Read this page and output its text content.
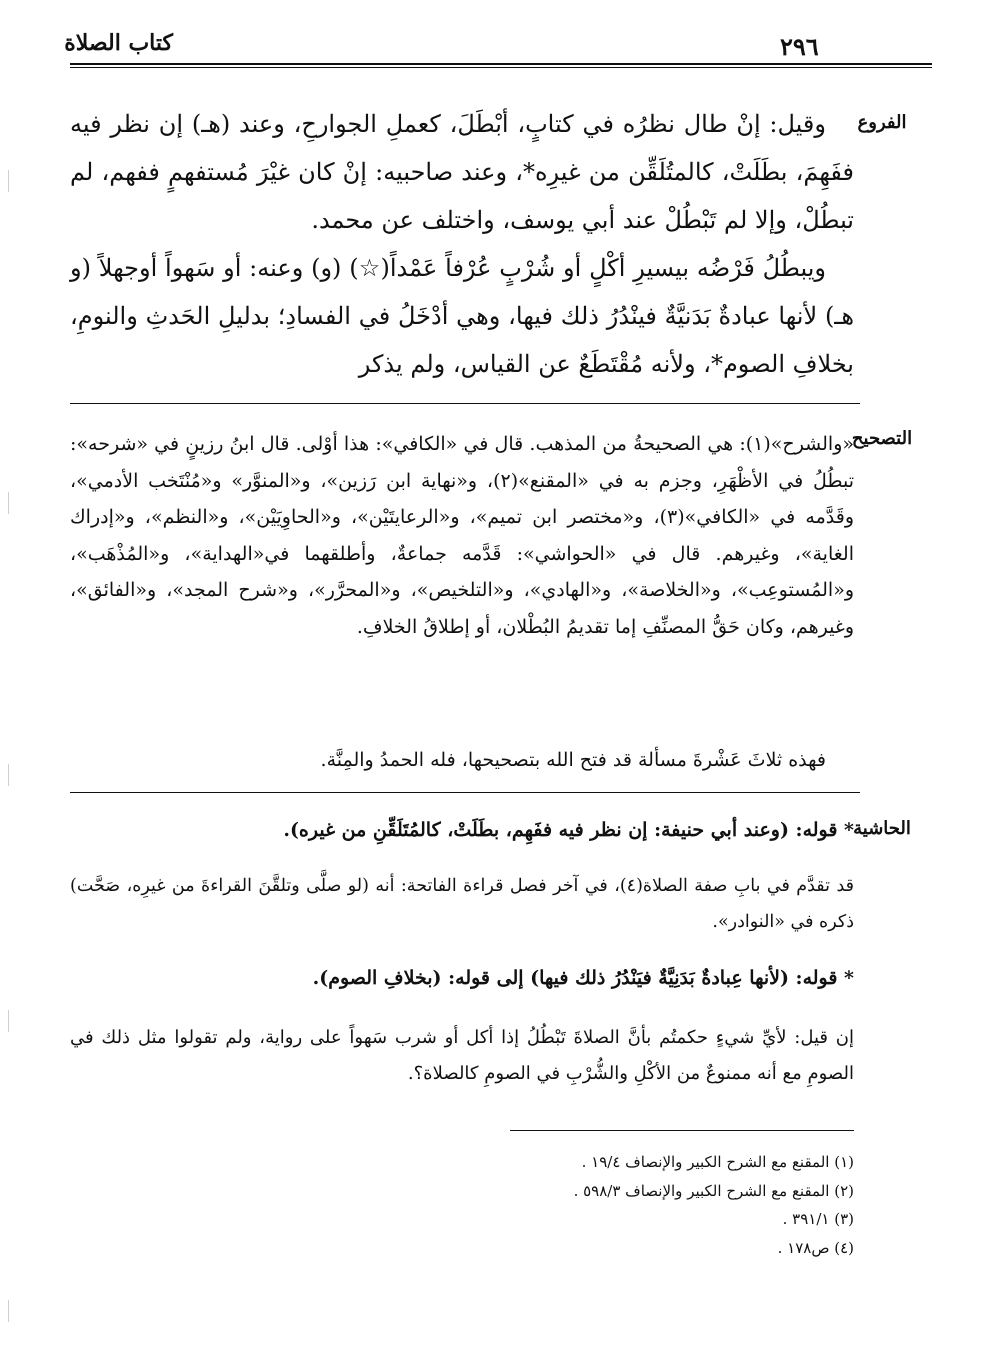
كتاب الصلاة	٢٩٦
الفروع
وقيل: إنْ طال نظرُه في كتابٍ، أبْطَلَ، كعملِ الجوارحِ، وعند (هـ) إن نظر فيه ففَهِمَ، بطَلَتْ، كالمتُلَقِّن من غيرِه*، وعند صاحبيه: إنْ كان غيْرَ مُستفهمٍ ففهم، لم تبطُلْ، وإلا لم تَبْطُلْ عند أبي يوسف، واختلف عن محمد.
ويبطُلُ فَرْضُه بيسيرِ أكْلٍ أو شُرْبٍ عُرْفاً عَمْداً(☆) (و) وعنه: أو سَهواً أوجهلاً (و هـ) لأنها عبادةٌ بَدَنيَّةٌ فينْدُرُ ذلك فيها، وهي أدْخَلُ في الفسادِ؛ بدليلِ الحَدثِ والنومِ، بخلافِ الصوم*، ولأنه مُقْتَطَعٌ عن القياس، ولم يذكر
التصحيح
«والشرح»(١): هي الصحيحةُ من المذهب. قال في «الكافي»: هذا أوْلى. قال ابنُ رزينٍ في «شرحه»: تبطُلُ في الأظْهَرِ، وجزم به في «المقنع»(٢)، و«نهاية ابن رَزين»، و«المنوَّر» و«مُنْتَخب الأدمي»، وقَدَّمه في «الكافي»(٣)، و«مختصر ابن تميم»، و«الرعايتَيْن»، و«الحاوِيَيْن»، و«النظم»، و«إدراك الغاية»، وغيرهم. قال في «الحواشي»: قَدَّمه جماعةٌ، وأطلقهما في«الهداية»، و«المُذْهَب»، و«المُستوعِب»، و«الخلاصة»، و«الهادي»، و«التلخيص»، و«المحرَّر»، و«شرح المجد»، و«الفائق»، وغيرهم، وكان حَقُّ المصنِّفِ إما تقديمُ البُطْلان، أو إطلاقُ الخلافِ.
فهذه ثلاثَ عَشْرةَ مسألة قد فتح الله بتصحيحها، فله الحمدُ والمِنَّة.
الحاشية
* قوله: (وعند أبي حنيفة: إن نظر فيه ففَهِم، بطَلَتْ، كالمُتَلَقِّنِ من غيره).
قد تقدَّم في بابِ صفة الصلاة(٤)، في آخر فصل قراءة الفاتحة: أنه (لو صلَّى وتلقَّنَ القراءةَ من غيرِه، صَحَّت) ذكره في «النوادر».
* قوله: (لأنها عِبادةٌ بَدَنِيَّةٌ فيَنْدُرُ ذلك فيها) إلى قوله: (بخلافِ الصوم).
إن قيل: لأيِّ شيءٍ حكمتُم بأنَّ الصلاةَ تَبْطُلُ إذا أكل أو شرب سَهواً على رواية، ولم تقولوا مثل ذلك في الصومِ مع أنه ممنوعٌ من الأكْلِ والشُّرْبِ في الصومِ كالصلاة؟.
(١) المقنع مع الشرح الكبير والإنصاف ١٩/٤ .
(٢) المقنع مع الشرح الكبير والإنصاف ٥٩٨/٣ .
(٣) ٣٩١/١ .
(٤) ص١٧٨ .
